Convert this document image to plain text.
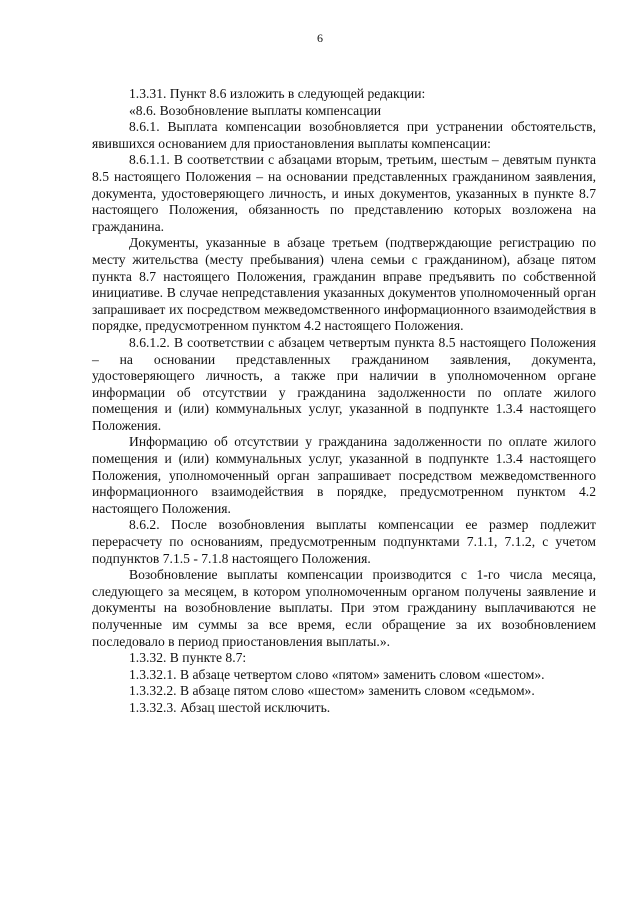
6

1.3.31. Пункт 8.6 изложить в следующей редакции:

«8.6. Возобновление выплаты компенсации

8.6.1. Выплата компенсации возобновляется при устранении обстоятельств, явившихся основанием для приостановления выплаты компенсации:

8.6.1.1. В соответствии с абзацами вторым, третьим, шестым – девятым пункта 8.5 настоящего Положения – на основании представленных гражданином заявления, документа, удостоверяющего личность, и иных документов, указанных в пункте 8.7 настоящего Положения, обязанность по представлению которых возложена на гражданина.

Документы, указанные в абзаце третьем (подтверждающие регистрацию по месту жительства (месту пребывания) члена семьи с гражданином), абзаце пятом пункта 8.7 настоящего Положения, гражданин вправе предъявить по собственной инициативе. В случае непредставления указанных документов уполномоченный орган запрашивает их посредством межведомственного информационного взаимодействия в порядке, предусмотренном пунктом 4.2 настоящего Положения.

8.6.1.2. В соответствии с абзацем четвертым пункта 8.5 настоящего Положения – на основании представленных гражданином заявления, документа, удостоверяющего личность, а также при наличии в уполномоченном органе информации об отсутствии у гражданина задолженности по оплате жилого помещения и (или) коммунальных услуг, указанной в подпункте 1.3.4 настоящего Положения.

Информацию об отсутствии у гражданина задолженности по оплате жилого помещения и (или) коммунальных услуг, указанной в подпункте 1.3.4 настоящего Положения, уполномоченный орган запрашивает посредством межведомственного информационного взаимодействия в порядке, предусмотренном пунктом 4.2 настоящего Положения.

8.6.2. После возобновления выплаты компенсации ее размер подлежит перерасчету по основаниям, предусмотренным подпунктами 7.1.1, 7.1.2, с учетом подпунктов 7.1.5 - 7.1.8 настоящего Положения.

Возобновление выплаты компенсации производится с 1-го числа месяца, следующего за месяцем, в котором уполномоченным органом получены заявление и документы на возобновление выплаты. При этом гражданину выплачиваются не полученные им суммы за все время, если обращение за их возобновлением последовало в период приостановления выплаты.».

1.3.32. В пункте 8.7:

1.3.32.1. В абзаце четвертом слово «пятом» заменить словом «шестом».

1.3.32.2. В абзаце пятом слово «шестом» заменить словом «седьмом».

1.3.32.3. Абзац шестой исключить.
